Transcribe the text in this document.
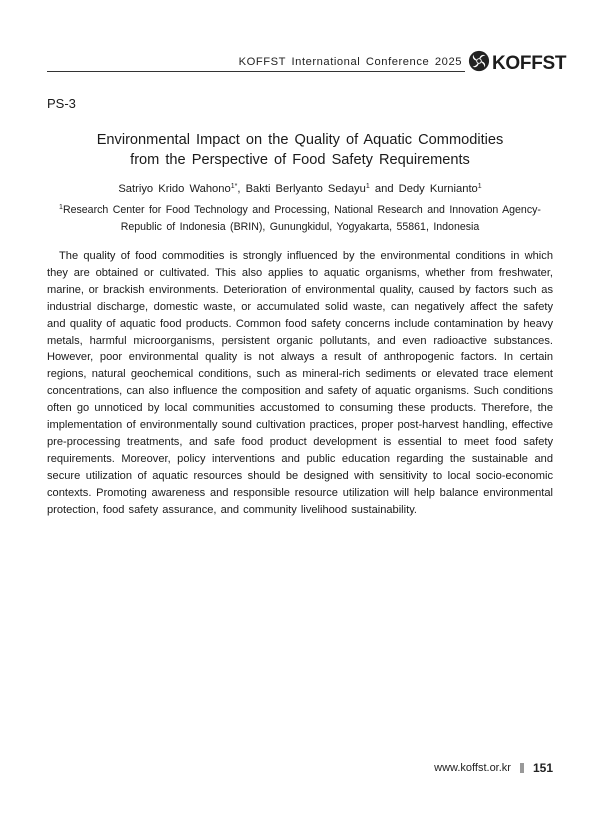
KOFFST International Conference 2025 KOFFST
PS-3
Environmental Impact on the Quality of Aquatic Commodities
from the Perspective of Food Safety Requirements
Satriyo Krido Wahono$^{1*}$, Bakti Berlyanto Sedayu$^1$ and Dedy Kurnianto$^1$
$^1$Research Center for Food Technology and Processing, National Research and Innovation Agency-Republic of Indonesia (BRIN), Gunungkidul, Yogyakarta, 55861, Indonesia

The quality of food commodities is strongly influenced by the environmental conditions in which they are obtained or cultivated. This also applies to aquatic organisms, whether from freshwater, marine, or brackish environments. Deterioration of environmental quality, caused by factors such as industrial discharge, domestic waste, or accumulated solid waste, can negatively affect the safety and quality of aquatic food products. Common food safety concerns include contamination by heavy metals, harmful microorganisms, persistent organic pollutants, and even radioactive substances. However, poor environmental quality is not always a result of anthropogenic factors. In certain regions, natural geochemical conditions, such as mineral-rich sediments or elevated trace element concentrations, can also influence the composition and safety of aquatic organisms. Such conditions often go unnoticed by local communities accustomed to consuming these products. Therefore, the implementation of environmentally sound cultivation practices, proper post-harvest handling, effective pre-processing treatments, and safe food product development is essential to meet food safety requirements. Moreover, policy interventions and public education regarding the sustainable and secure utilization of aquatic resources should be designed with sensitivity to local socio-economic contexts. Promoting awareness and responsible resource utilization will help balance environmental protection, food safety assurance, and community livelihood sustainability.

www.koffst.or.kr 151
